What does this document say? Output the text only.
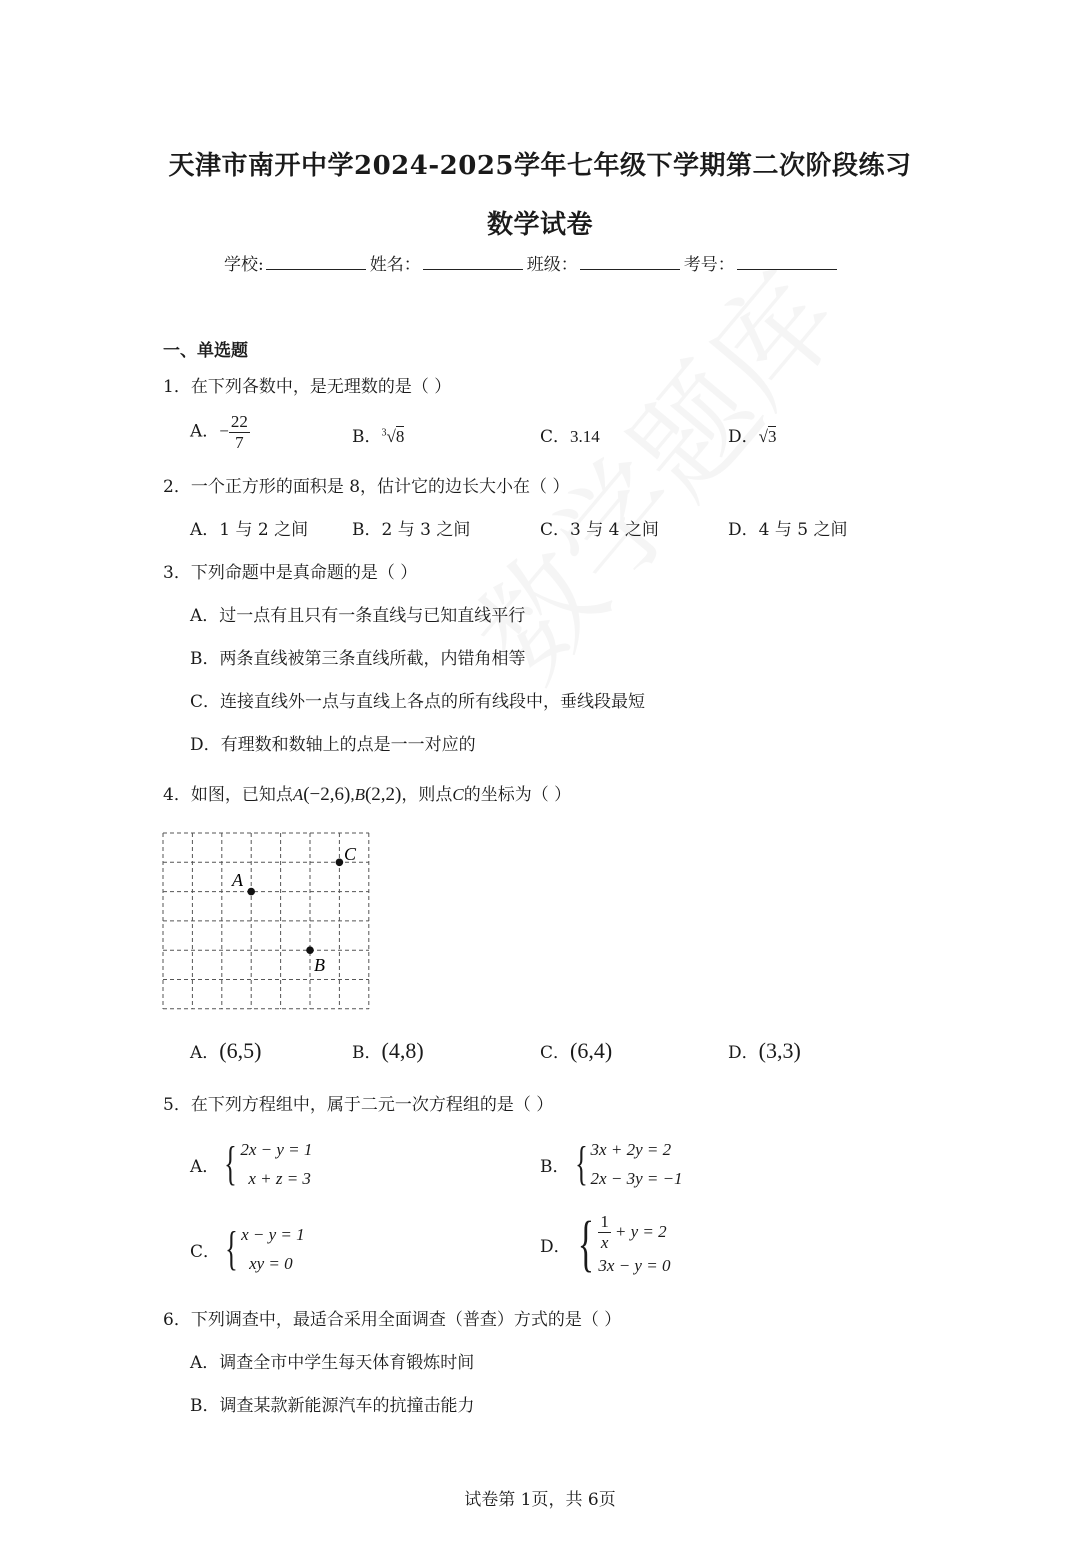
天津市南开中学2024-2025学年七年级下学期第二次阶段练习
数学试卷
学校:	姓名：	班级：	考号：
一、单选题
1．在下列各数中，是无理数的是（ ）
A．− $\frac{22}{7}$	B．$^3$√8	C．3.14	D．√3
2．一个正方形的面积是 8，估计它的边长大小在（ ）
A．1 与 2 之间	B．2 与 3 之间	C．3 与 4 之间	D．4 与 5 之间
3．下列命题中是真命题的是（ ）
A．过一点有且只有一条直线与已知直线平行
B．两条直线被第三条直线所截，内错角相等
C．连接直线外一点与直线上各点的所有线段中，垂线段最短
D．有理数和数轴上的点是一一对应的
4．如图，已知点A(−2,6),B(2,2)，则点C的坐标为（ ）
A
B
C
A．(6,5)	B．(4,8)	C．(6,4)	D．(3,3)
5．在下列方程组中，属于二元一次方程组的是（ ）
A． { 2x − y = 1
x + z = 3
B． { 3x + 2y = 2
2x − 3y = −1
C． { x − y = 1
xy = 0
D． { $\frac{1}{x} + y = 2$
3x − y = 0
6．下列调查中，最适合采用全面调查（普查）方式的是（ ）
A．调查全市中学生每天体育锻炼时间
B．调查某款新能源汽车的抗撞击能力
试卷第 1页，共 6页
